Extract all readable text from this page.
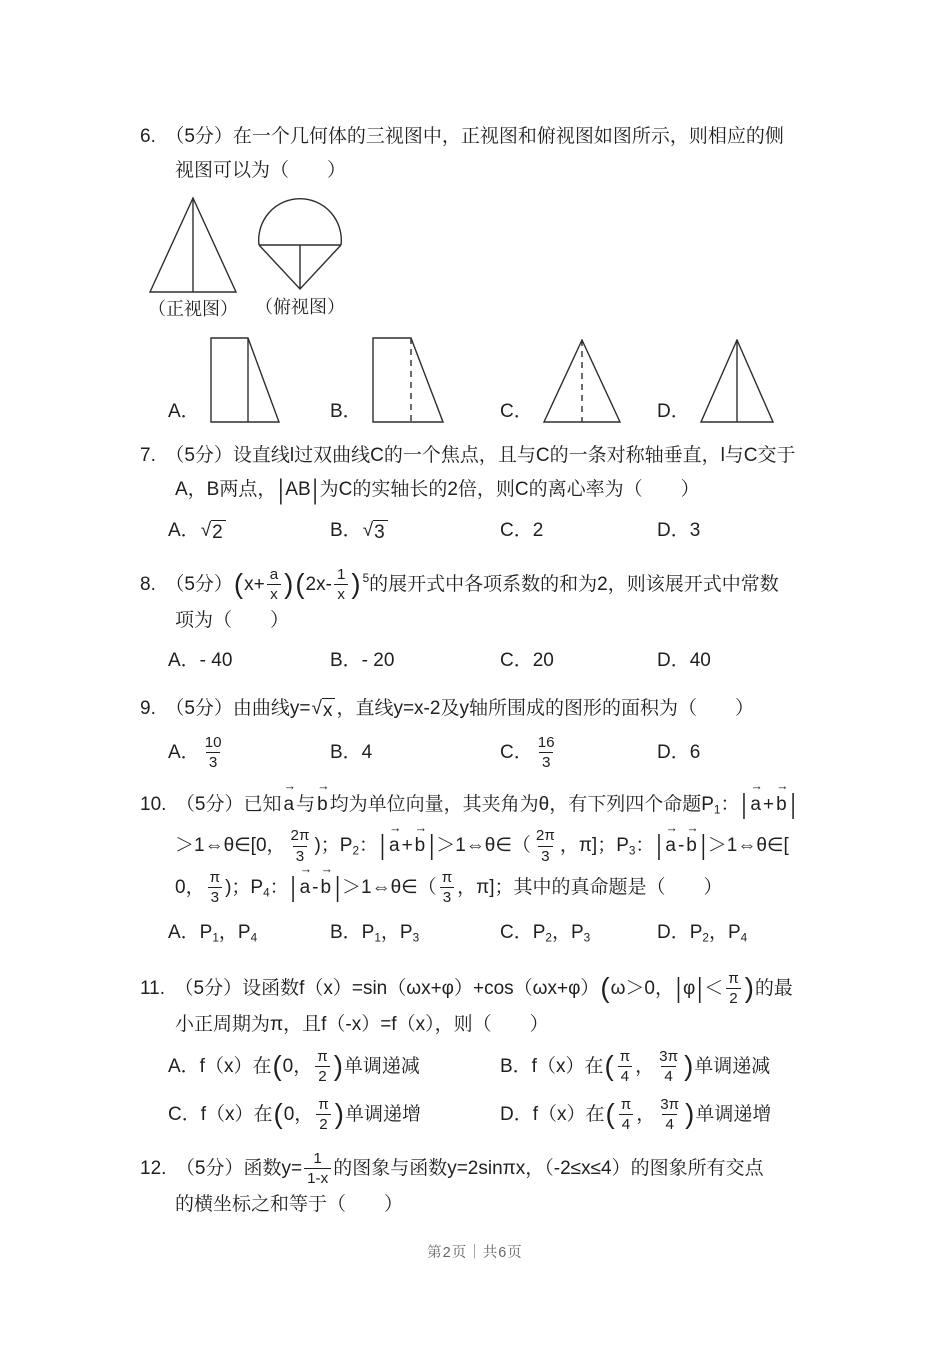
6.　（5分）在一个几何体的三视图中，正视图和俯视图如图所示，则相应的侧
视图可以为（　　）
（正视图） （俯视图）
A．	B．	C．	D．
7.　（5分）设直线l过双曲线C的一个焦点，且与C的一条对称轴垂直，l与C交于
A，B两点， | AB | 为C的实轴长的2倍，则C的离心率为（　　）
A． √ 2	B． √ 3	C．2	D．3
8.　（5分）$(x+ \frac{a}{x} )(2x- \frac{1}{x}$ ) $^5$的展开式中各项系数的和为2，则该展开式中常数
项为（　　）
A．- 40	B．- 20	C．20	D．40
9.　（5分）由曲线y= √ x ，直线y=x-2及y轴所围成的图形的面积为（　　）
A． $\frac{10}{3}$	B．4	C． $\frac{16}{3}$	D．6
10.　（5分）已知 a
→
与 b
→
均为单位向量，其夹角为θ，有下列四个命题$P_1$： | a
→
+ b
→
|
＞1⇔θ∈[0， $\frac{2\pi}{3}$ )；$P_2$： | a
→
+ b
→
| ＞1⇔θ∈（ $\frac{2\pi}{3}$ ，π]；$P_3$： | a
→
- b
→
| ＞1⇔θ∈[
0， $\frac{\pi}{3}$ )；$P_4$： | a
→
- b
→
| ＞1⇔θ∈（ $\frac{\pi}{3}$ ，π]；其中的真命题是（　　）
A．$P_1$，$P_4$	B．$P_1$，$P_3$	C．$P_2$，$P_3$	D．$P_2$，$P_4$
11.　（5分）设函数f（x）=sin（ωx+φ）+cos（ωx+φ）(ω＞0， | φ | ＜ $\frac{\pi}{2}$ )的最
小正周期为π，且f（-x）=f（x），则（　　）
A．f（x）在(0， $\frac{\pi}{2}$ )单调递减	B．f（x）在( $\frac{\pi}{4}$ ， $\frac{3\pi}{4}$ )单调递减
C．f（x）在(0， $\frac{\pi}{2}$ )单调递增	D．f（x）在( $\frac{\pi}{4}$ ， $\frac{3\pi}{4}$ )单调递增
12.　（5分）函数$y= \frac{1}{1-x}$ 的图象与函数y=2sinπx，（-2≤x≤4）的图象所有交点
的横坐标之和等于（　　）
第2页｜共6页
